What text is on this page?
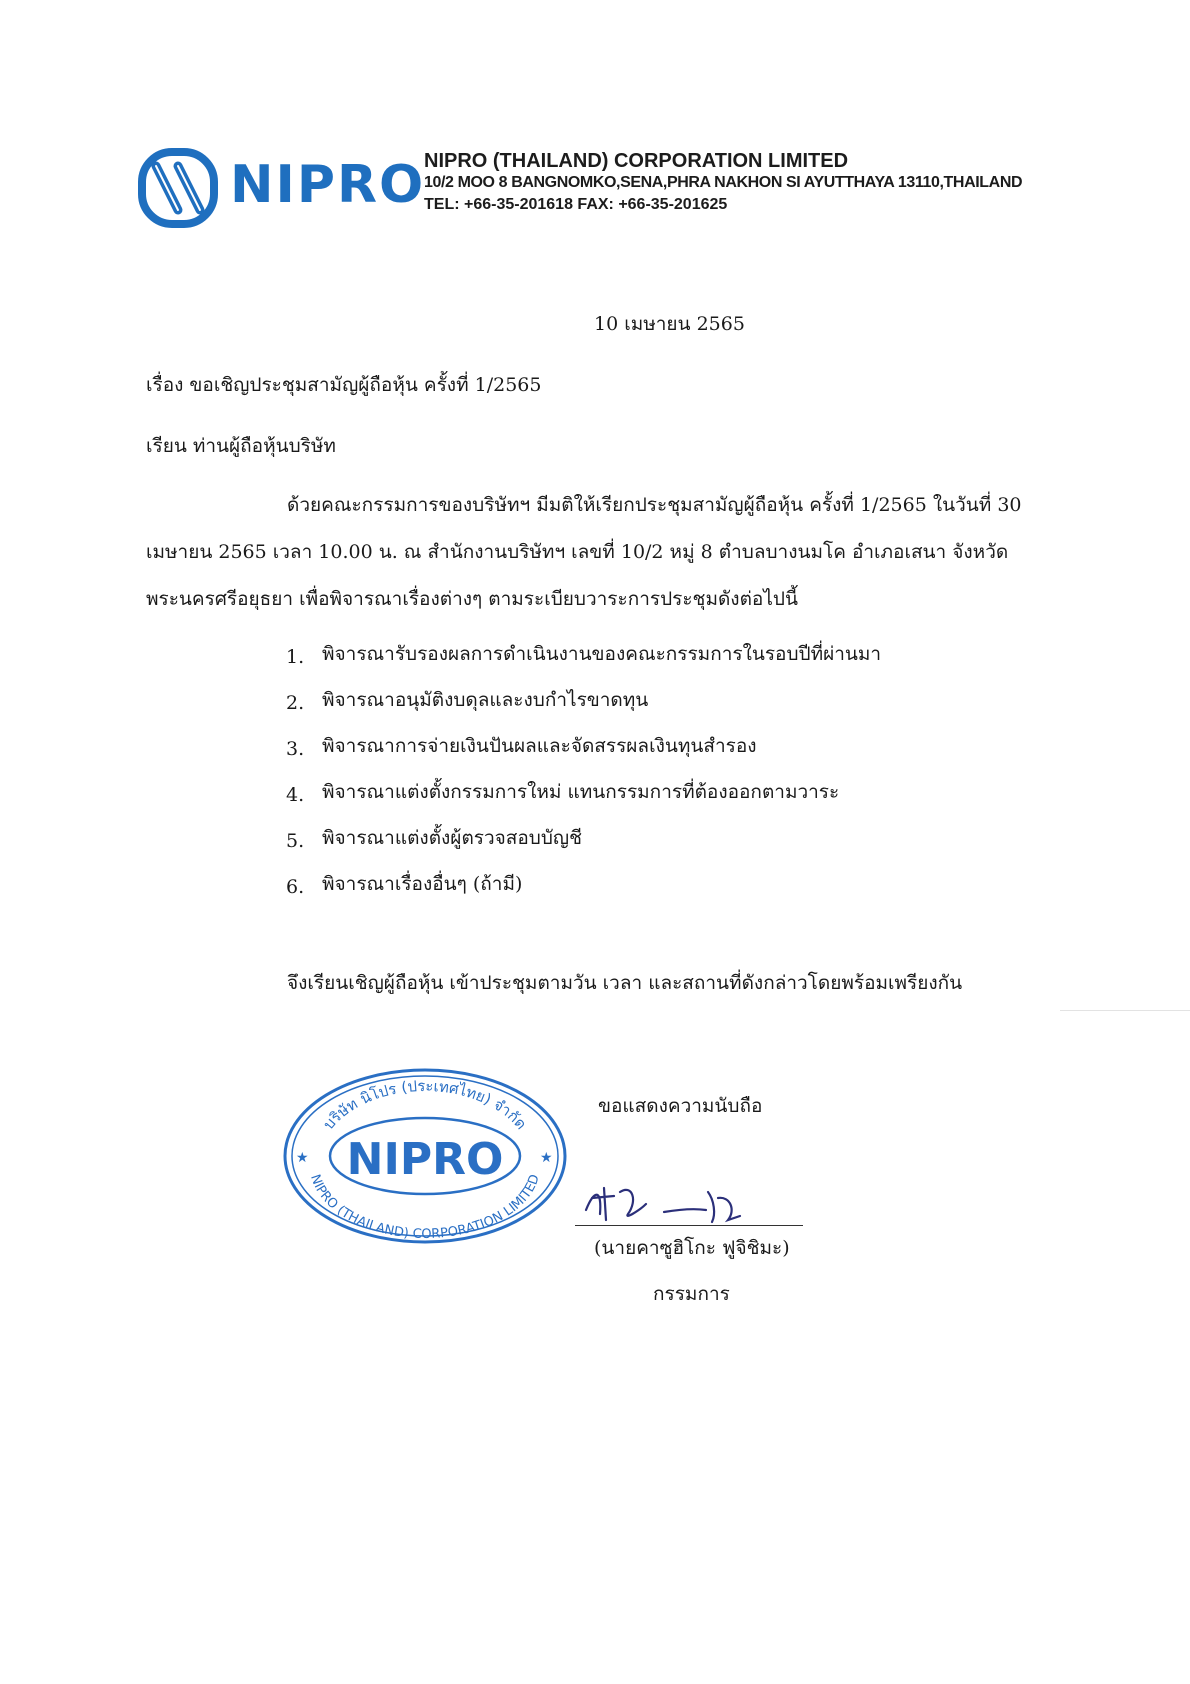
NIPRO
NIPRO (THAILAND) CORPORATION LIMITED
10/2 MOO 8 BANGNOMKO,SENA,PHRA NAKHON SI AYUTTHAYA 13110,THAILAND
TEL: +66-35-201618 FAX: +66-35-201625
10 เมษายน 2565
เรื่อง ขอเชิญประชุมสามัญผู้ถือหุ้น ครั้งที่ 1/2565
เรียน ท่านผู้ถือหุ้นบริษัท
ด้วยคณะกรรมการของบริษัทฯ มีมติให้เรียกประชุมสามัญผู้ถือหุ้น ครั้งที่ 1/2565 ในวันที่ 30
เมษายน 2565 เวลา 10.00 น. ณ สำนักงานบริษัทฯ เลขที่ 10/2 หมู่ 8 ตำบลบางนมโค อำเภอเสนา จังหวัด
พระนครศรีอยุธยา เพื่อพิจารณาเรื่องต่างๆ ตามระเบียบวาระการประชุมดังต่อไปนี้
1. พิจารณารับรองผลการดำเนินงานของคณะกรรมการในรอบปีที่ผ่านมา
2. พิจารณาอนุมัติงบดุลและงบกำไรขาดทุน
3. พิจารณาการจ่ายเงินปันผลและจัดสรรผลเงินทุนสำรอง
4. พิจารณาแต่งตั้งกรรมการใหม่ แทนกรรมการที่ต้องออกตามวาระ
5. พิจารณาแต่งตั้งผู้ตรวจสอบบัญชี
6. พิจารณาเรื่องอื่นๆ (ถ้ามี)
จึงเรียนเชิญผู้ถือหุ้น เข้าประชุมตามวัน เวลา และสถานที่ดังกล่าวโดยพร้อมเพรียงกัน
บริษัท นิโปร (ประเทศไทย) จำกัด
NIPRO (THAILAND) CORPORATION LIMITED
NIPRO
★	★
ขอแสดงความนับถือ
(นายคาซูฮิโกะ ฟูจิชิมะ)
กรรมการ
